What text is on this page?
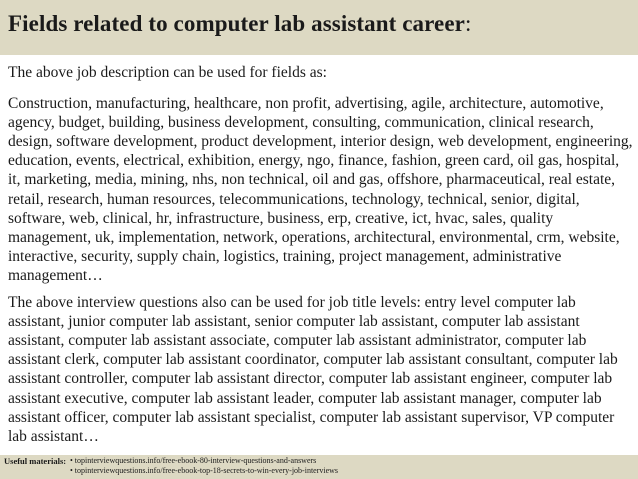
Fields related to computer lab assistant career:

The above job description can be used for fields as:

Construction, manufacturing, healthcare, non profit, advertising, agile, architecture, automotive, agency, budget, building, business development, consulting, communication, clinical research, design, software development, product development, interior design, web development, engineering, education, events, electrical, exhibition, energy, ngo, finance, fashion, green card, oil gas, hospital, it, marketing, media, mining, nhs, non technical, oil and gas, offshore, pharmaceutical, real estate, retail, research, human resources, telecommunications, technology, technical, senior, digital, software, web, clinical, hr, infrastructure, business, erp, creative, ict, hvac, sales, quality management, uk, implementation, network, operations, architectural, environmental, crm, website, interactive, security, supply chain, logistics, training, project management, administrative management…

The above interview questions also can be used for job title levels: entry level computer lab assistant, junior computer lab assistant, senior computer lab assistant, computer lab assistant assistant, computer lab assistant associate, computer lab assistant administrator, computer lab assistant clerk, computer lab assistant coordinator, computer lab assistant consultant, computer lab assistant controller, computer lab assistant director, computer lab assistant engineer, computer lab assistant executive, computer lab assistant leader, computer lab assistant manager, computer lab assistant officer, computer lab assistant specialist, computer lab assistant supervisor, VP computer lab assistant…

Useful materials: • topinterviewquestions.info/free-ebook-80-interview-questions-and-answers
• topinterviewquestions.info/free-ebook-top-18-secrets-to-win-every-job-interviews
